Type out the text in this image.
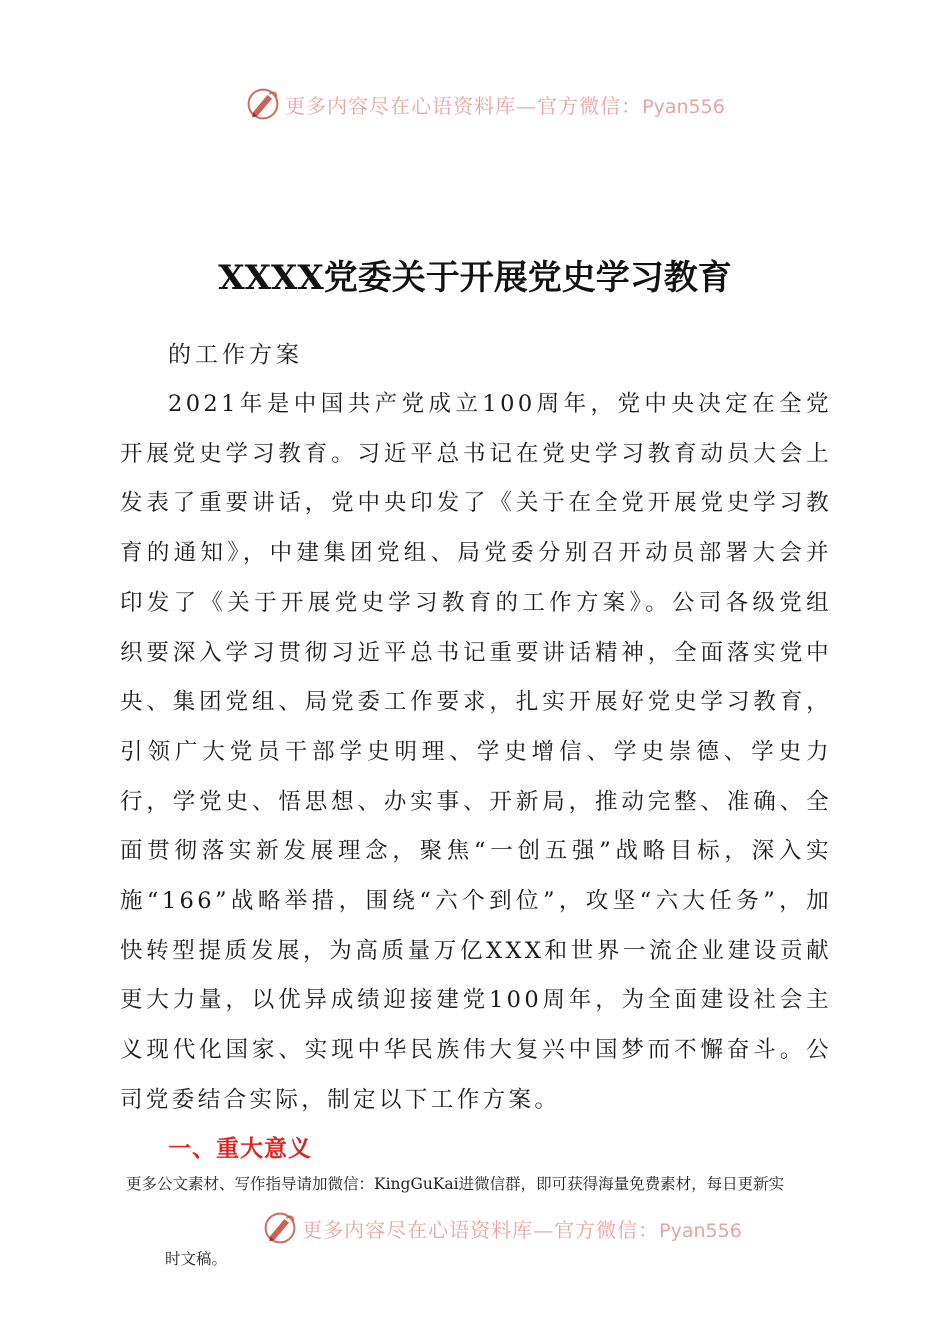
更多内容尽在心语资料库—官方微信：Pyan556
XXXX党委关于开展党史学习教育

的工作方案

2021年是中国共产党成立100周年，党中央决定在全党开展党史学习教育。习近平总书记在党史学习教育动员大会上发表了重要讲话，党中央印发了《关于在全党开展党史学习教育的通知》，中建集团党组、局党委分别召开动员部署大会并印发了《关于开展党史学习教育的工作方案》。公司各级党组织要深入学习贯彻习近平总书记重要讲话精神，全面落实党中央、集团党组、局党委工作要求，扎实开展好党史学习教育，引领广大党员干部学史明理、学史增信、学史崇德、学史力行，学党史、悟思想、办实事、开新局，推动完整、准确、全面贯彻落实新发展理念，聚焦“一创五强”战略目标，深入实施“166”战略举措，围绕“六个到位”，攻坚“六大任务”，加快转型提质发展，为高质量万亿XXX和世界一流企业建设贡献更大力量，以优异成绩迎接建党100周年，为全面建设社会主义现代化国家、实现中华民族伟大复兴中国梦而不懈奋斗。公司党委结合实际，制定以下工作方案。

一、重大意义

更多公文素材、写作指导请加微信：KingGuKai进微信群，即可获得海量免费素材，每日更新实

更多内容尽在心语资料库—官方微信：Pyan556

时文稿。
